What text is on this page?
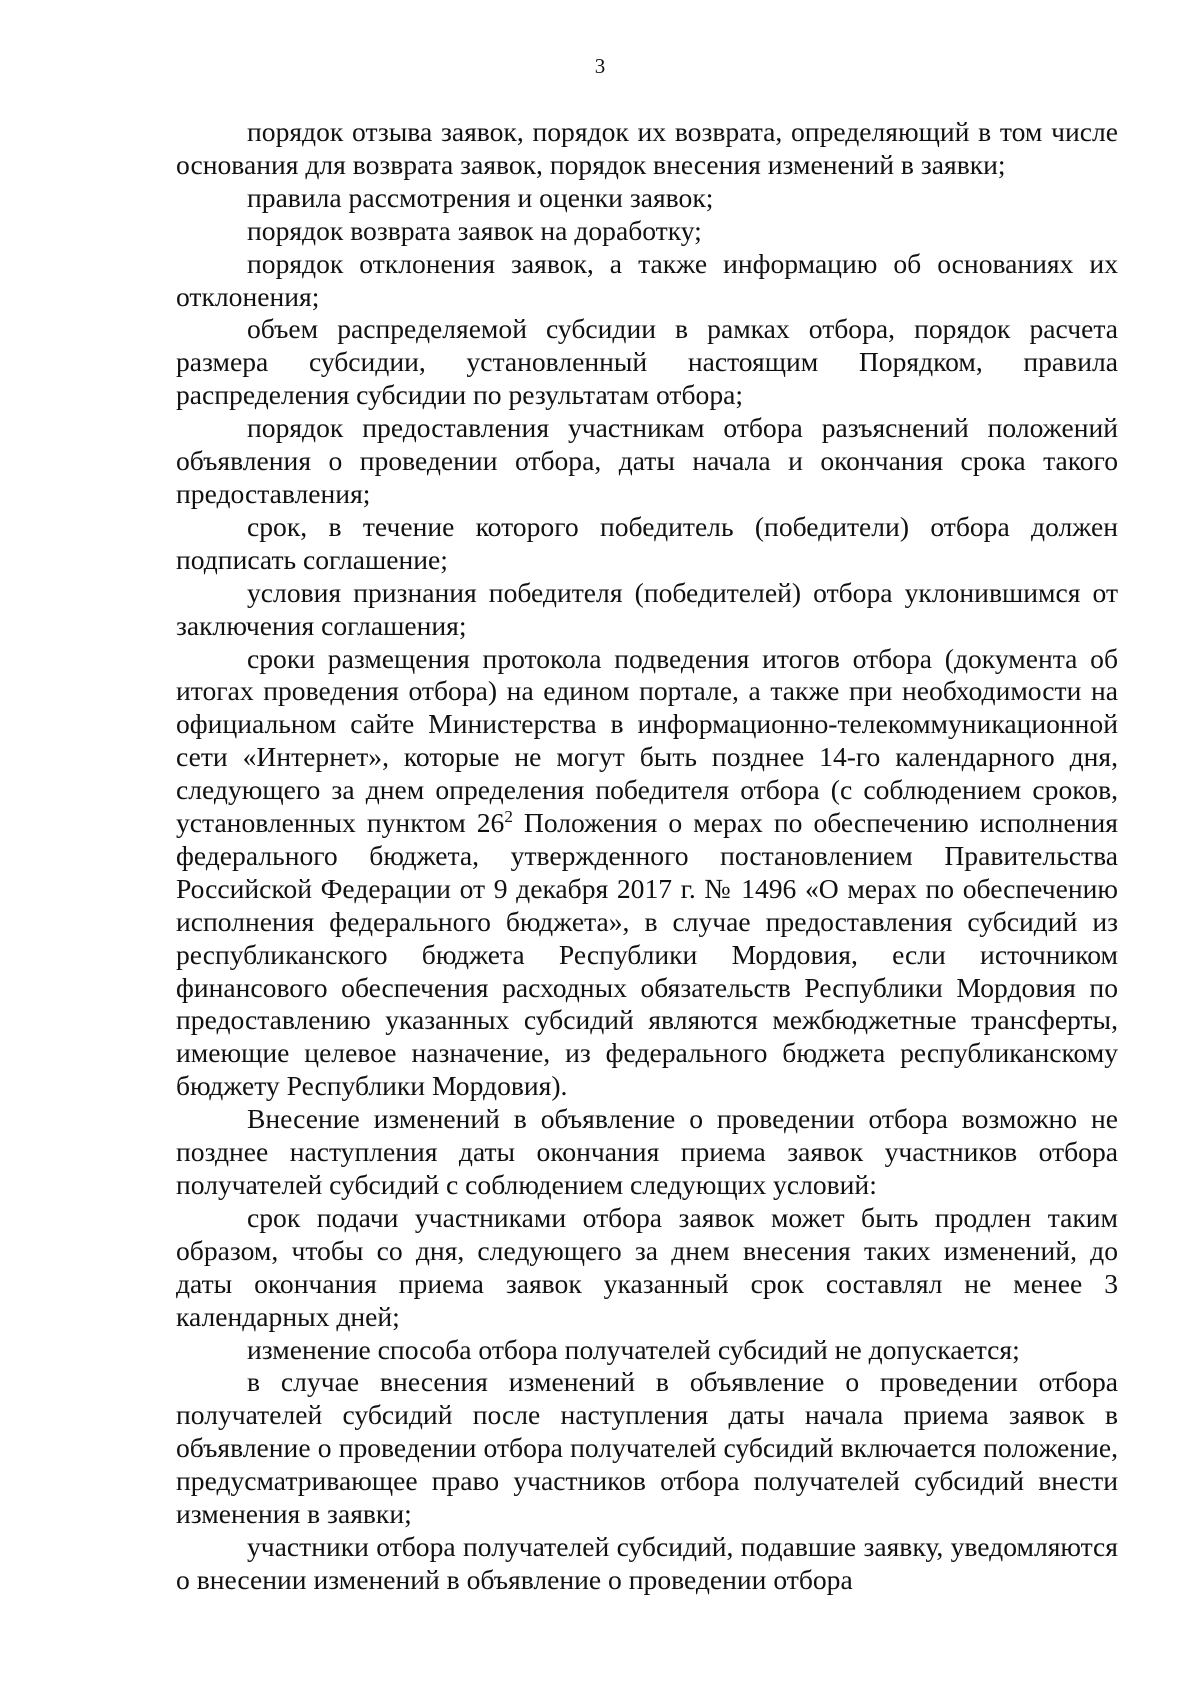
3

порядок отзыва заявок, порядок их возврата, определяющий в том числе основания для возврата заявок, порядок внесения изменений в заявки;

правила рассмотрения и оценки заявок;

порядок возврата заявок на доработку;

порядок отклонения заявок, а также информацию об основаниях их отклонения;

объем распределяемой субсидии в рамках отбора, порядок расчета размера субсидии, установленный настоящим Порядком, правила распределения субсидии по результатам отбора;

порядок предоставления участникам отбора разъяснений положений объявления о проведении отбора, даты начала и окончания срока такого предоставления;

срок, в течение которого победитель (победители) отбора должен подписать соглашение;

условия признания победителя (победителей) отбора уклонившимся от заключения соглашения;

сроки размещения протокола подведения итогов отбора (документа об итогах проведения отбора) на едином портале, а также при необходимости на официальном сайте Министерства в информационно-телекоммуникационной сети «Интернет», которые не могут быть позднее 14-го календарного дня, следующего за днем определения победителя отбора (с соблюдением сроков, установленных пунктом $26^2$ Положения о мерах по обеспечению исполнения федерального бюджета, утвержденного постановлением Правительства Российской Федерации от 9 декабря 2017 г. № 1496 «О мерах по обеспечению исполнения федерального бюджета», в случае предоставления субсидий из республиканского бюджета Республики Мордовия, если источником финансового обеспечения расходных обязательств Республики Мордовия по предоставлению указанных субсидий являются межбюджетные трансферты, имеющие целевое назначение, из федерального бюджета республиканскому бюджету Республики Мордовия).

Внесение изменений в объявление о проведении отбора возможно не позднее наступления даты окончания приема заявок участников отбора получателей субсидий с соблюдением следующих условий:

срок подачи участниками отбора заявок может быть продлен таким образом, чтобы со дня, следующего за днем внесения таких изменений, до даты окончания приема заявок указанный срок составлял не менее 3 календарных дней;

изменение способа отбора получателей субсидий не допускается;

в случае внесения изменений в объявление о проведении отбора получателей субсидий после наступления даты начала приема заявок в объявление о проведении отбора получателей субсидий включается положение, предусматривающее право участников отбора получателей субсидий внести изменения в заявки;

участники отбора получателей субсидий, подавшие заявку, уведомляются о внесении изменений в объявление о проведении отбора
